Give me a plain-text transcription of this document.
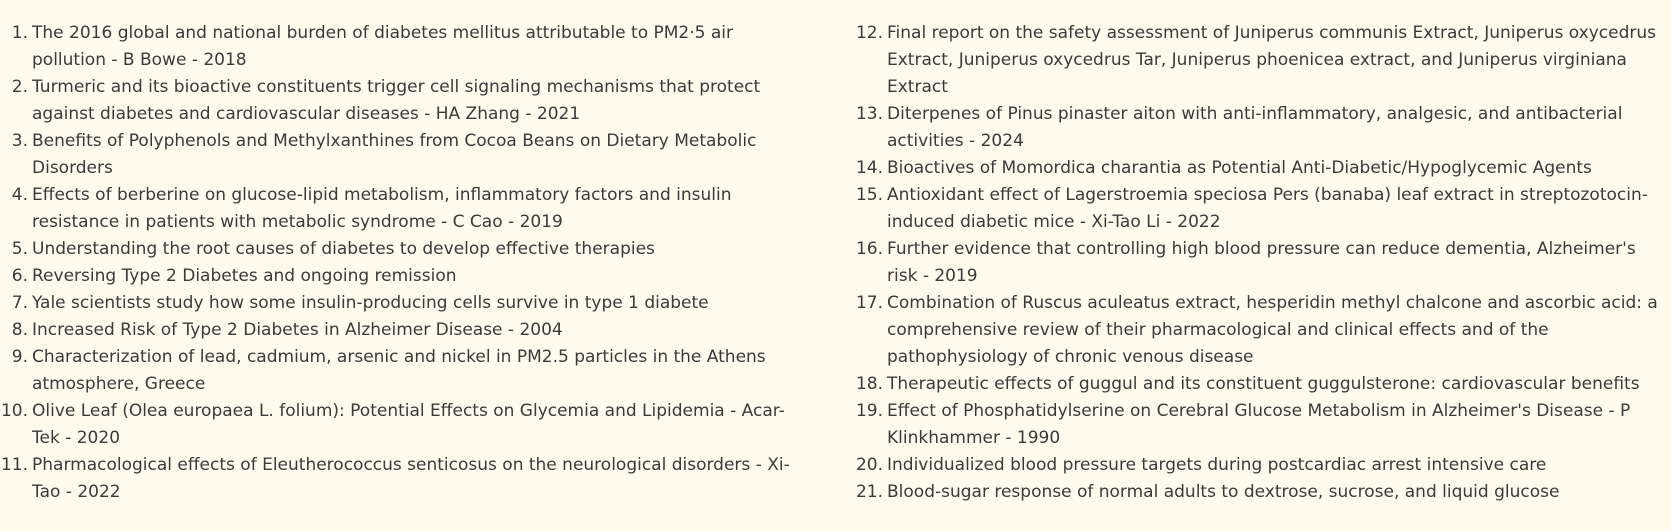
1. The 2016 global and national burden of diabetes mellitus attributable to PM2·5 air pollution - B Bowe - 2018
2. Turmeric and its bioactive constituents trigger cell signaling mechanisms that protect against diabetes and cardiovascular diseases - HA Zhang - 2021
3. Benefits of Polyphenols and Methylxanthines from Cocoa Beans on Dietary Metabolic Disorders
4. Effects of berberine on glucose-lipid metabolism, inflammatory factors and insulin resistance in patients with metabolic syndrome - C Cao - 2019
5. Understanding the root causes of diabetes to develop effective therapies
6. Reversing Type 2 Diabetes and ongoing remission
7. Yale scientists study how some insulin-producing cells survive in type 1 diabete
8. Increased Risk of Type 2 Diabetes in Alzheimer Disease - 2004
9. Characterization of lead, cadmium, arsenic and nickel in PM2.5 particles in the Athens atmosphere, Greece
10. Olive Leaf (Olea europaea L. folium): Potential Effects on Glycemia and Lipidemia - Acar-Tek - 2020
11. Pharmacological effects of Eleutherococcus senticosus on the neurological disorders - Xi-Tao - 2022
12. Final report on the safety assessment of Juniperus communis Extract, Juniperus oxycedrus Extract, Juniperus oxycedrus Tar, Juniperus phoenicea extract, and Juniperus virginiana Extract
13. Diterpenes of Pinus pinaster aiton with anti-inflammatory, analgesic, and antibacterial activities - 2024
14. Bioactives of Momordica charantia as Potential Anti-Diabetic/Hypoglycemic Agents
15. Antioxidant effect of Lagerstroemia speciosa Pers (banaba) leaf extract in streptozotocin-induced diabetic mice - Xi-Tao Li - 2022
16. Further evidence that controlling high blood pressure can reduce dementia, Alzheimer's risk - 2019
17. Combination of Ruscus aculeatus extract, hesperidin methyl chalcone and ascorbic acid: a comprehensive review of their pharmacological and clinical effects and of the pathophysiology of chronic venous disease
18. Therapeutic effects of guggul and its constituent guggulsterone: cardiovascular benefits
19. Effect of Phosphatidylserine on Cerebral Glucose Metabolism in Alzheimer's Disease - P Klinkhammer - 1990
20. Individualized blood pressure targets during postcardiac arrest intensive care
21. Blood-sugar response of normal adults to dextrose, sucrose, and liquid glucose
